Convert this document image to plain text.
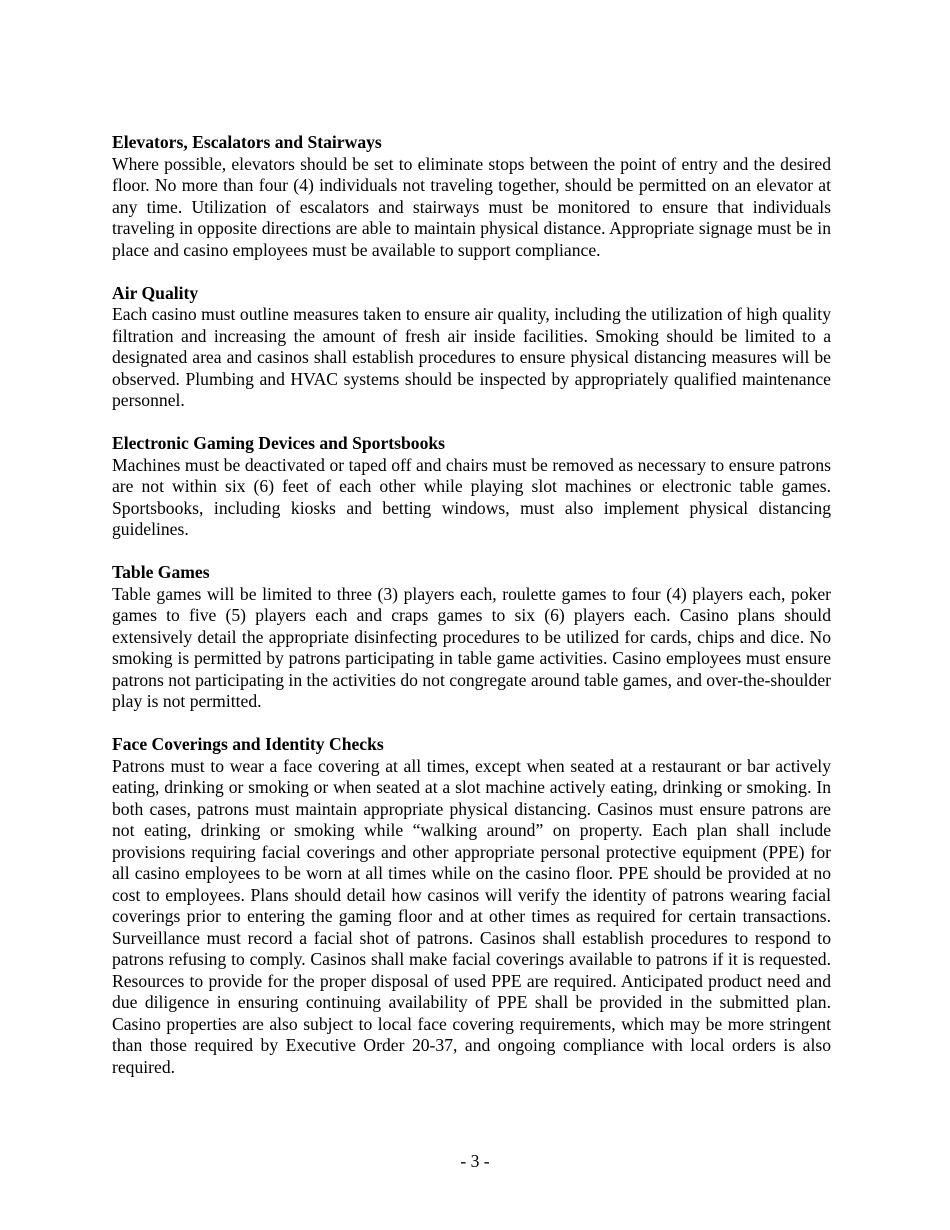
Elevators, Escalators and Stairways

Where possible, elevators should be set to eliminate stops between the point of entry and the desired floor. No more than four (4) individuals not traveling together, should be permitted on an elevator at any time. Utilization of escalators and stairways must be monitored to ensure that individuals traveling in opposite directions are able to maintain physical distance. Appropriate signage must be in place and casino employees must be available to support compliance.

Air Quality

Each casino must outline measures taken to ensure air quality, including the utilization of high quality filtration and increasing the amount of fresh air inside facilities. Smoking should be limited to a designated area and casinos shall establish procedures to ensure physical distancing measures will be observed. Plumbing and HVAC systems should be inspected by appropriately qualified maintenance personnel.

Electronic Gaming Devices and Sportsbooks

Machines must be deactivated or taped off and chairs must be removed as necessary to ensure patrons are not within six (6) feet of each other while playing slot machines or electronic table games. Sportsbooks, including kiosks and betting windows, must also implement physical distancing guidelines.

Table Games

Table games will be limited to three (3) players each, roulette games to four (4) players each, poker games to five (5) players each and craps games to six (6) players each. Casino plans should extensively detail the appropriate disinfecting procedures to be utilized for cards, chips and dice. No smoking is permitted by patrons participating in table game activities. Casino employees must ensure patrons not participating in the activities do not congregate around table games, and over-the-shoulder play is not permitted.

Face Coverings and Identity Checks

Patrons must to wear a face covering at all times, except when seated at a restaurant or bar actively eating, drinking or smoking or when seated at a slot machine actively eating, drinking or smoking. In both cases, patrons must maintain appropriate physical distancing. Casinos must ensure patrons are not eating, drinking or smoking while “walking around” on property. Each plan shall include provisions requiring facial coverings and other appropriate personal protective equipment (PPE) for all casino employees to be worn at all times while on the casino floor. PPE should be provided at no cost to employees. Plans should detail how casinos will verify the identity of patrons wearing facial coverings prior to entering the gaming floor and at other times as required for certain transactions. Surveillance must record a facial shot of patrons. Casinos shall establish procedures to respond to patrons refusing to comply. Casinos shall make facial coverings available to patrons if it is requested. Resources to provide for the proper disposal of used PPE are required. Anticipated product need and due diligence in ensuring continuing availability of PPE shall be provided in the submitted plan. Casino properties are also subject to local face covering requirements, which may be more stringent than those required by Executive Order 20-37, and ongoing compliance with local orders is also required.

- 3 -
